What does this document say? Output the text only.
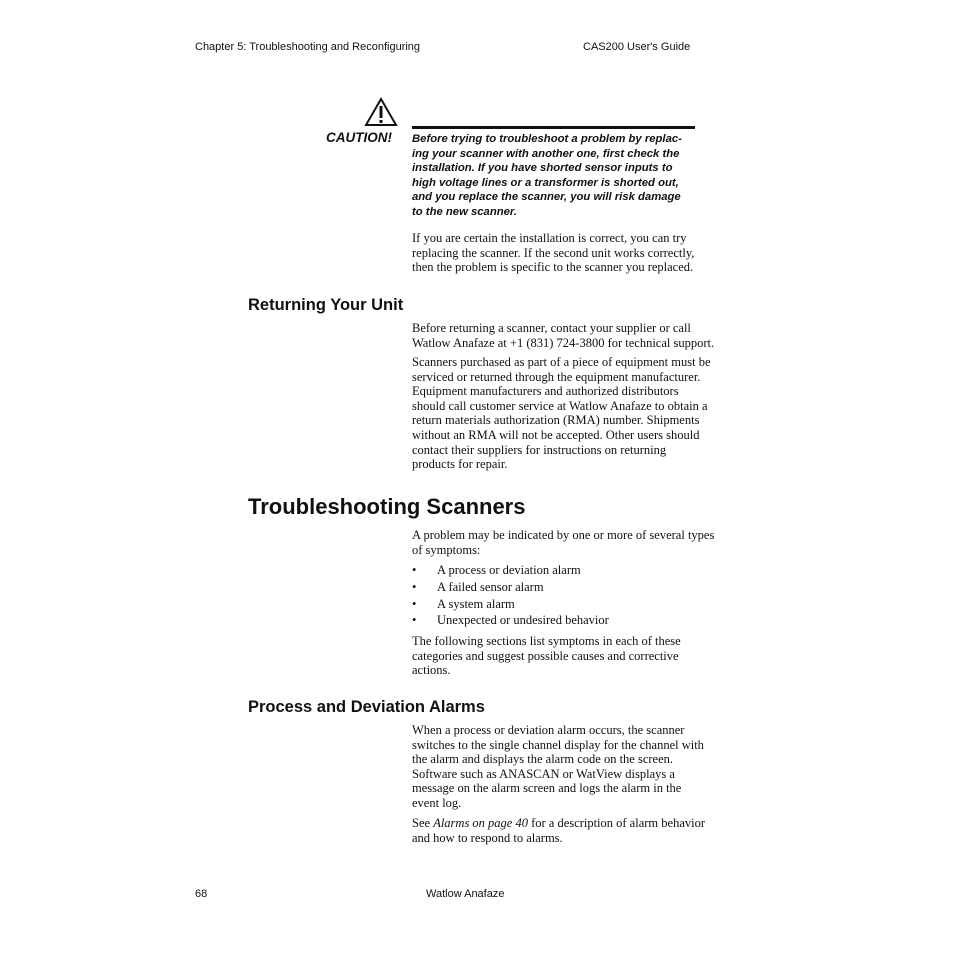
Chapter 5: Troubleshooting and Reconfiguring	CAS200 User's Guide
CAUTION! Before trying to troubleshoot a problem by replac-
ing your scanner with another one, first check the
installation. If you have shorted sensor inputs to
high voltage lines or a transformer is shorted out,
and you replace the scanner, you will risk damage
to the new scanner.

If you are certain the installation is correct, you can try
replacing the scanner. If the second unit works correctly,
then the problem is specific to the scanner you replaced.

Returning Your Unit

Before returning a scanner, contact your supplier or call
Watlow Anafaze at +1 (831) 724-3800 for technical support.

Scanners purchased as part of a piece of equipment must be
serviced or returned through the equipment manufacturer.
Equipment manufacturers and authorized distributors
should call customer service at Watlow Anafaze to obtain a
return materials authorization (RMA) number. Shipments
without an RMA will not be accepted. Other users should
contact their suppliers for instructions on returning
products for repair.

Troubleshooting Scanners

A problem may be indicated by one or more of several types
of symptoms:

• A process or deviation alarm
• A failed sensor alarm
• A system alarm
• Unexpected or undesired behavior

The following sections list symptoms in each of these
categories and suggest possible causes and corrective
actions.

Process and Deviation Alarms

When a process or deviation alarm occurs, the scanner
switches to the single channel display for the channel with
the alarm and displays the alarm code on the screen.
Software such as ANASCAN or WatView displays a
message on the alarm screen and logs the alarm in the
event log.

See Alarms on page 40 for a description of alarm behavior
and how to respond to alarms.

68	Watlow Anafaze
